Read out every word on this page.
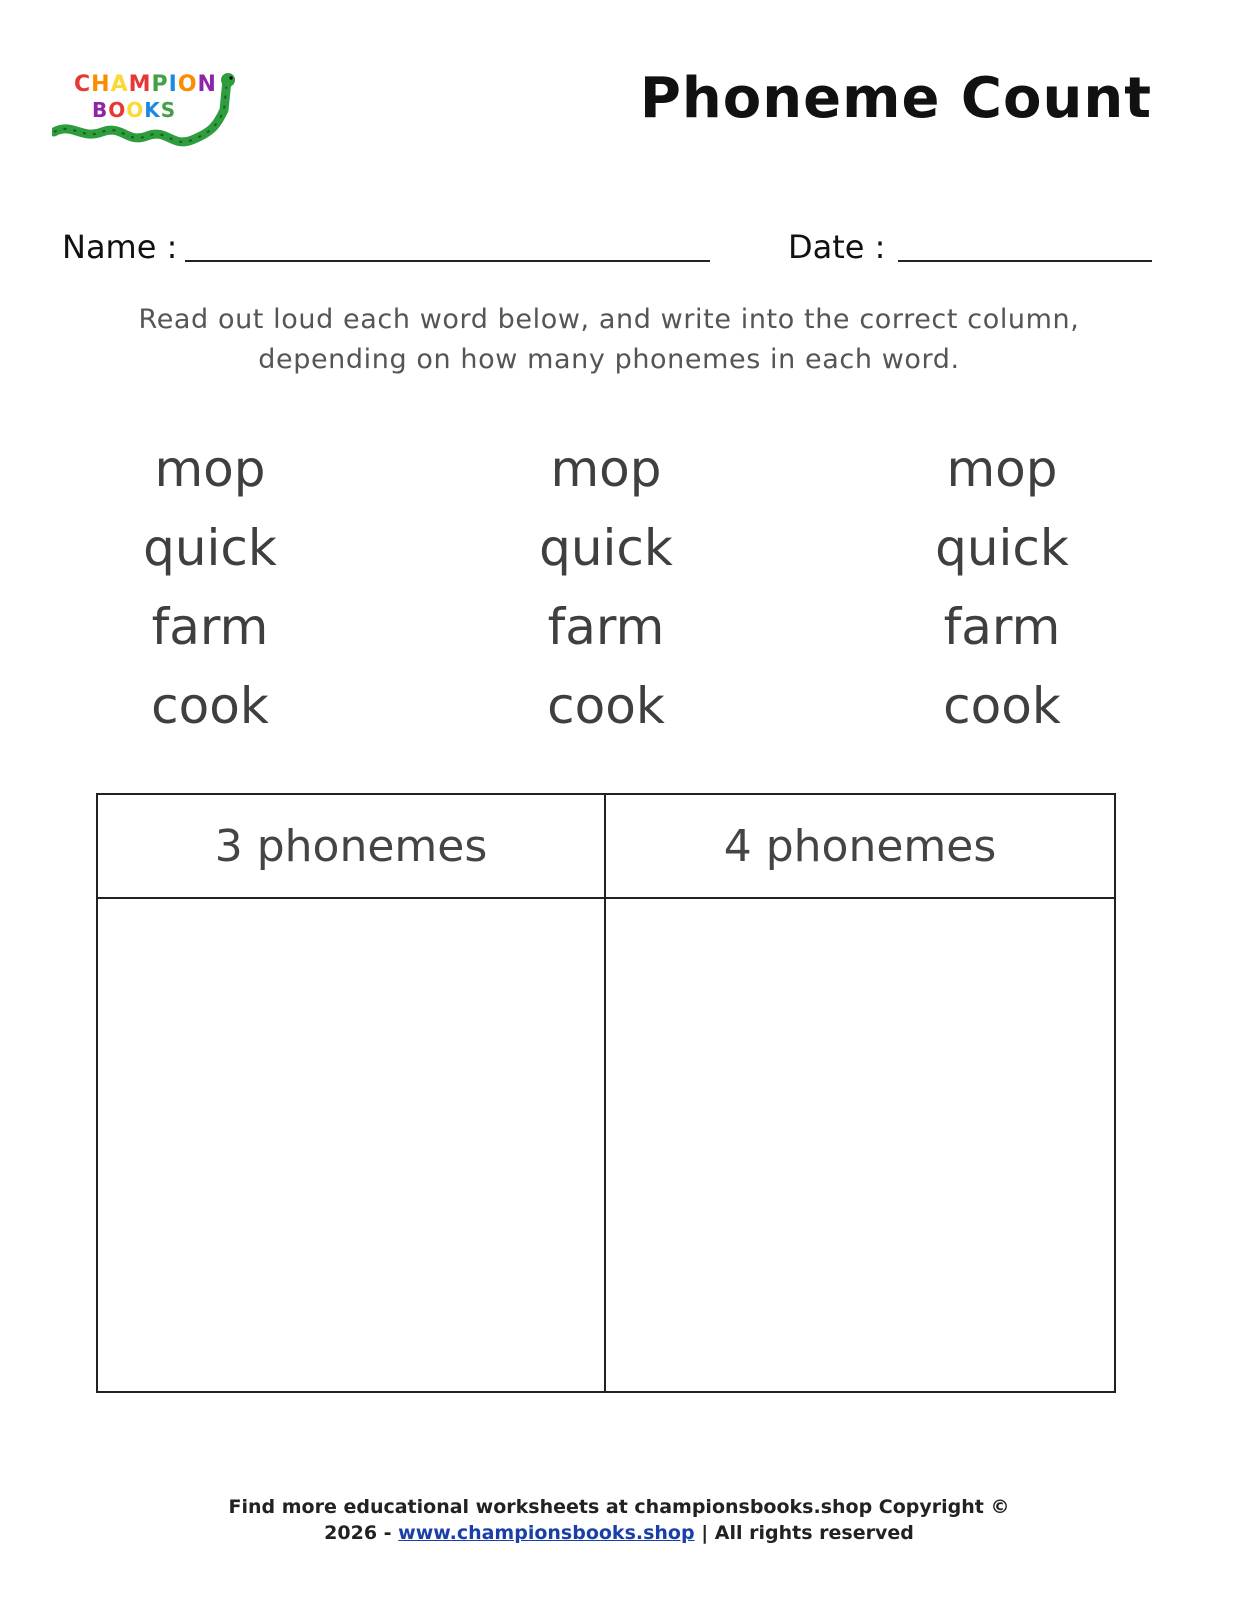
CHAMPION
BOOKS	Phoneme Count
Name :	Date :
Read out loud each word below, and write into the correct column,
depending on how many phonemes in each word.
mop
quick
farm
cook
mop
quick
farm
cook
mop
quick
farm
cook
3 phonemes	4 phonemes
Find more educational worksheets at championsbooks.shop Copyright ©
2026 - www.championsbooks.shop | All rights reserved
